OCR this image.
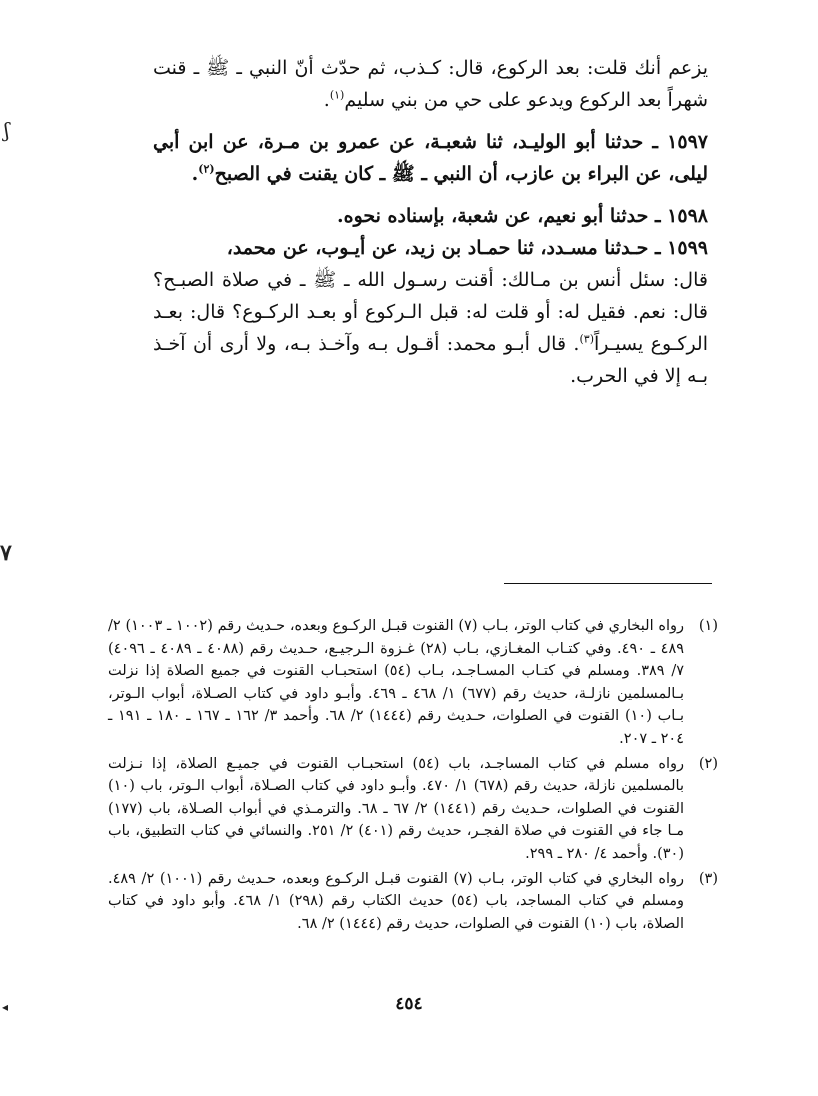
يزعم أنك قلت: بعد الركوع، قال: كـذب، ثم حدّث أنّ النبي ـ ﷺ ـ قنت شهراً بعد الركوع ويدعو على حي من بني سليم$^{(١)}$.

١٥٩٧ ـ حدثنا أبو الوليـد، ثنا شعبـة، عن عمرو بن مـرة، عن ابن أبي ليلى، عن البراء بن عازب، أن النبي ـ ﷺ ـ كان يقنت في الصبح$^{(٢)}$.

١٥٩٨ ـ حدثنا أبو نعيم، عن شعبة، بإسناده نحوه.

١٥٩٩ ـ حـدثنا مسـدد، ثنا حمـاد بن زيد، عن أيـوب، عن محمد،

قال: سئل أنس بن مـالك: أقنت رسـول الله ـ ﷺ ـ في صلاة الصبـح؟ قال: نعم. فقيل له: أو قلت له: قبل الـركوع أو بعـد الركـوع؟ قال: بعـد الركـوع يسيـراً$^{(٣)}$. قال أبـو محمد: أقـول بـه وآخـذ بـه، ولا أرى أن آخـذ بـه إلا في الحرب.

(١)
رواه البخاري في كتاب الوتر، بـاب (٧) القنوت قبـل الركـوع وبعده، حـديث رقم (١٠٠٢ ـ ١٠٠٣) ٢/ ٤٨٩ ـ ٤٩٠. وفي كتـاب المغـازي، بـاب (٢٨) غـزوة الـرجيـع، حـديث رقم (٤٠٨٨ ـ ٤٠٨٩ ـ ٤٠٩٦) ٧/ ٣٨٩. ومسلم في كتـاب المسـاجـد، بـاب (٥٤) استحبـاب القنوت في جميع الصلاة إذا نزلت بـالمسلمين نازلـة، حديث رقم (٦٧٧) ١/ ٤٦٨ ـ ٤٦٩. وأبـو داود في كتاب الصـلاة، أبواب الـوتر، بـاب (١٠) القنوت في الصلوات، حـديث رقم (١٤٤٤) ٢/ ٦٨. وأحمد ٣/ ١٦٢ ـ ١٦٧ ـ ١٨٠ ـ ١٩١ ـ ٢٠٤ ـ ٢٠٧.
(٢)
رواه مسلم في كتاب المساجـد، باب (٥٤) استحبـاب القنوت في جميـع الصلاة، إذا نـزلت بالمسلمين نازلة، حديث رقم (٦٧٨) ١/ ٤٧٠. وأبـو داود في كتاب الصـلاة، أبواب الـوتر، باب (١٠) القنوت في الصلوات، حـديث رقم (١٤٤١) ٢/ ٦٧ ـ ٦٨. والترمـذي في أبواب الصـلاة، باب (١٧٧) مـا جاء في القنوت في صلاة الفجـر، حديث رقم (٤٠١) ٢/ ٢٥١. والنسائي في كتاب التطبيق، باب (٣٠). وأحمد ٤/ ٢٨٠ ـ ٢٩٩.
(٣)
رواه البخاري في كتاب الوتر، بـاب (٧) القنوت قبـل الركـوع وبعده، حـديث رقم (١٠٠١) ٢/ ٤٨٩. ومسلم في كتاب المساجد، باب (٥٤) حديث الكتاب رقم (٢٩٨) ١/ ٤٦٨. وأبو داود في كتاب الصلاة، باب (١٠) القنوت في الصلوات، حديث رقم (١٤٤٤) ٢/ ٦٨.
٤٥٤
ʃ
۷
◂
